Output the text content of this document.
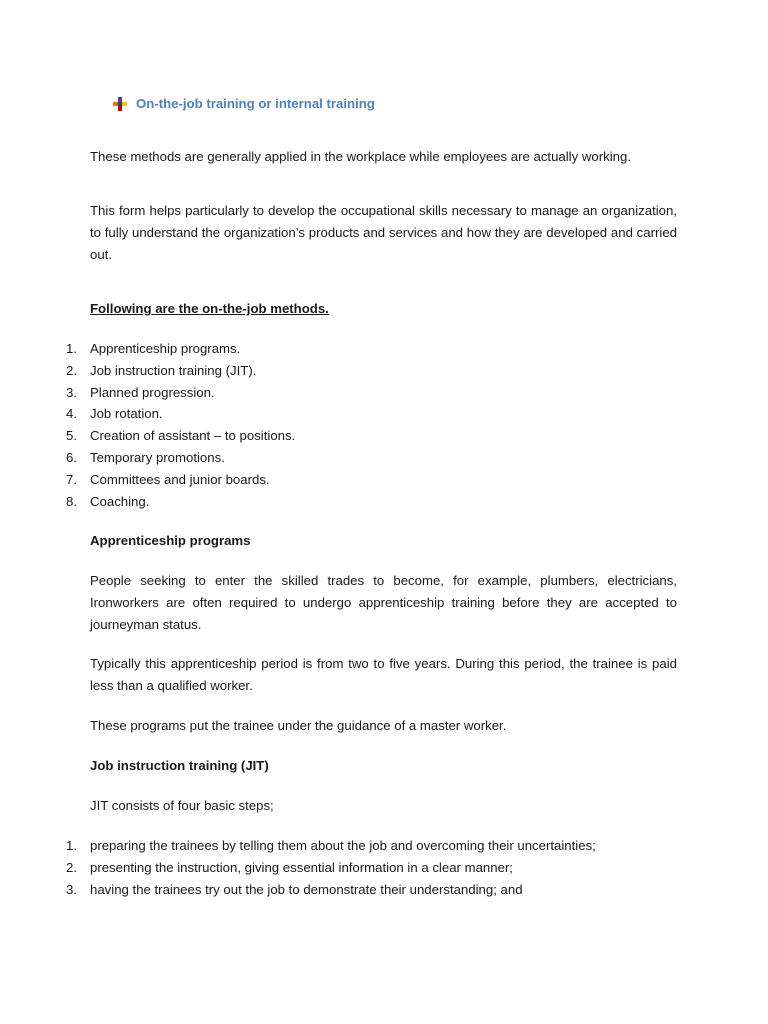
On-the-job training or internal training
These methods are generally applied in the workplace while employees are actually working.
This form helps particularly to develop the occupational skills necessary to manage an organization, to fully understand the organization’s products and services and how they are developed and carried out.
Following are the on-the-job methods.
1. Apprenticeship programs.
2. Job instruction training (JIT).
3. Planned progression.
4. Job rotation.
5. Creation of assistant – to positions.
6. Temporary promotions.
7. Committees and junior boards.
8. Coaching.
Apprenticeship programs
People seeking to enter the skilled trades to become, for example, plumbers, electricians, Ironworkers are often required to undergo apprenticeship training before they are accepted to journeyman status.
Typically this apprenticeship period is from two to five years. During this period, the trainee is paid less than a qualified worker.
These programs put the trainee under the guidance of a master worker.
Job instruction training (JIT)
JIT consists of four basic steps;
1. preparing the trainees by telling them about the job and overcoming their uncertainties;
2. presenting the instruction, giving essential information in a clear manner;
3. having the trainees try out the job to demonstrate their understanding; and
